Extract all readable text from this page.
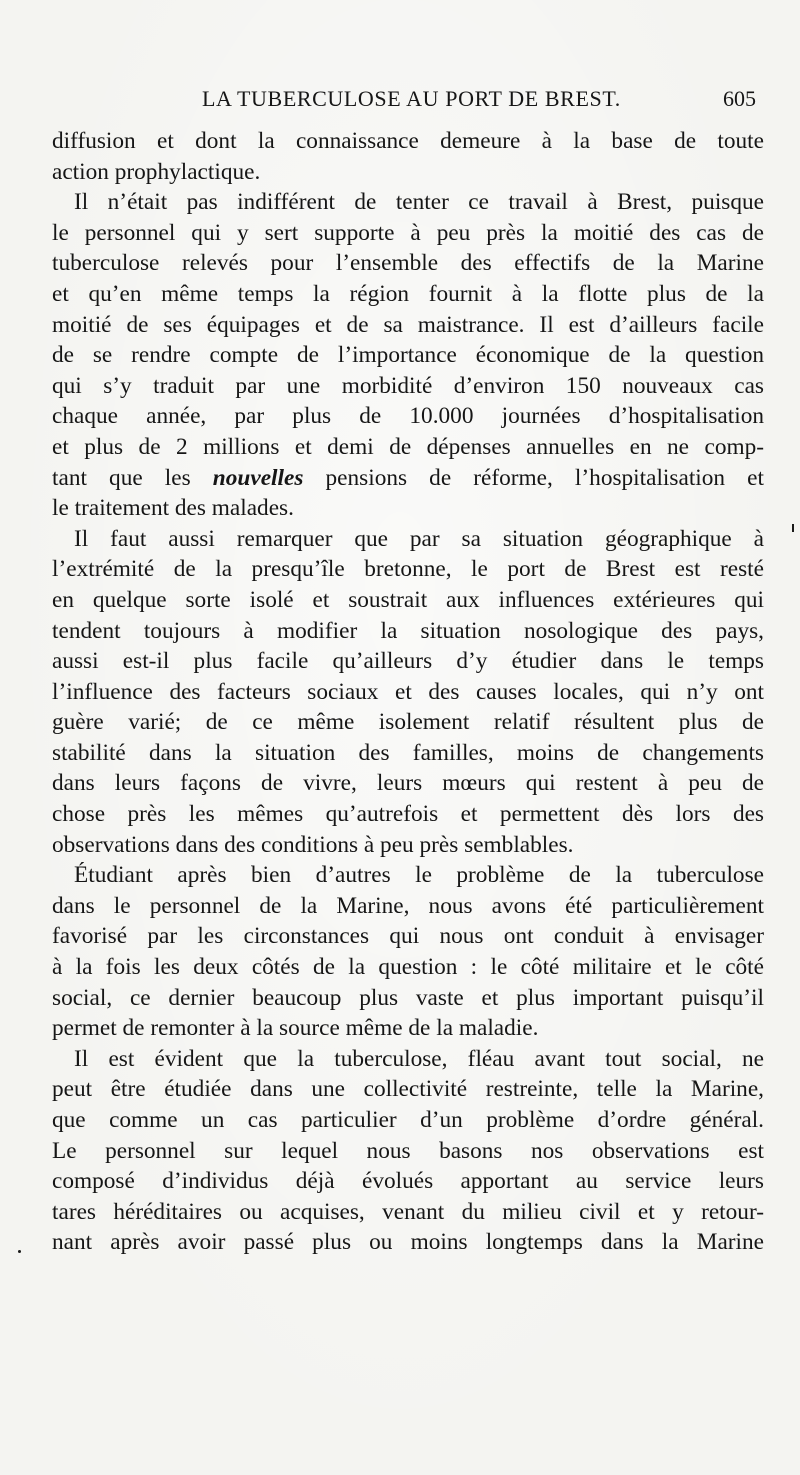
LA TUBERCULOSE AU PORT DE BREST.	605
diffusion et dont la connaissance demeure à la base de toute
action prophylactique.
Il n’était pas indifférent de tenter ce travail à Brest, puisque
le personnel qui y sert supporte à peu près la moitié des cas de
tuberculose relevés pour l’ensemble des effectifs de la Marine
et qu’en même temps la région fournit à la flotte plus de la
moitié de ses équipages et de sa maistrance. Il est d’ailleurs facile
de se rendre compte de l’importance économique de la question
qui s’y traduit par une morbidité d’environ 150 nouveaux cas
chaque année, par plus de 10.000 journées d’hospitalisation
et plus de 2 millions et demi de dépenses annuelles en ne comp-
tant que les nouvelles pensions de réforme, l’hospitalisation et
le traitement des malades.
Il faut aussi remarquer que par sa situation géographique à
l’extrémité de la presqu’île bretonne, le port de Brest est resté
en quelque sorte isolé et soustrait aux influences extérieures qui
tendent toujours à modifier la situation nosologique des pays,
aussi est-il plus facile qu’ailleurs d’y étudier dans le temps
l’influence des facteurs sociaux et des causes locales, qui n’y ont
guère varié; de ce même isolement relatif résultent plus de
stabilité dans la situation des familles, moins de changements
dans leurs façons de vivre, leurs mœurs qui restent à peu de
chose près les mêmes qu’autrefois et permettent dès lors des
observations dans des conditions à peu près semblables.
Étudiant après bien d’autres le problème de la tuberculose
dans le personnel de la Marine, nous avons été particulièrement
favorisé par les circonstances qui nous ont conduit à envisager
à la fois les deux côtés de la question : le côté militaire et le côté
social, ce dernier beaucoup plus vaste et plus important puisqu’il
permet de remonter à la source même de la maladie.
Il est évident que la tuberculose, fléau avant tout social, ne
peut être étudiée dans une collectivité restreinte, telle la Marine,
que comme un cas particulier d’un problème d’ordre général.
Le personnel sur lequel nous basons nos observations est
composé d’individus déjà évolués apportant au service leurs
tares héréditaires ou acquises, venant du milieu civil et y retour-
nant après avoir passé plus ou moins longtemps dans la Marine
